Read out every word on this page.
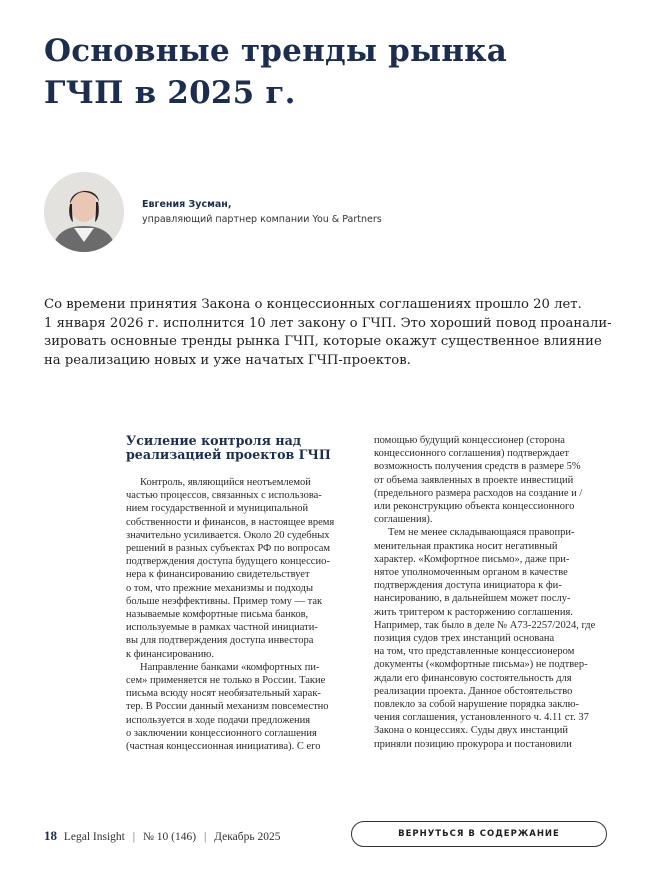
Основные тренды рынка
ГЧП в 2025 г.
Евгения Зусман,
управляющий партнер компании You & Partners
Со времени принятия Закона о концессионных соглашениях прошло 20 лет.
1 января 2026 г. исполнится 10 лет закону о ГЧП. Это хороший повод проанали-
зировать основные тренды рынка ГЧП, которые окажут существенное влияние
на реализацию новых и уже начатых ГЧП-проектов.
Усиление контроля над
реализацией проектов ГЧП
Контроль, являющийся неотъемлемой
частью процессов, связанных с использова-
нием государственной и муниципальной
собственности и финансов, в настоящее время
значительно усиливается. Около 20 судебных
решений в разных субъектах РФ по вопросам
подтверждения доступа будущего концессио-
нера к финансированию свидетельствует
о том, что прежние механизмы и подходы
больше неэффективны. Пример тому — так
называемые комфортные письма банков,
используемые в рамках частной инициати-
вы для подтверждения доступа инвестора
к финансированию.
Направление банками «комфортных пи-
сем» применяется не только в России. Такие
письма всюду носят необязательный харак-
тер. В России данный механизм повсеместно
используется в ходе подачи предложения
о заключении концессионного соглашения
(частная концессионная инициатива). С его
помощью будущий концессионер (сторона
концессионного соглашения) подтверждает
возможность получения средств в размере 5%
от объема заявленных в проекте инвестиций
(предельного размера расходов на создание и /
или реконструкцию объекта концессионного
соглашения).
Тем не менее складывающаяся правопри-
менительная практика носит негативный
характер. «Комфортное письмо», даже при-
нятое уполномоченным органом в качестве
подтверждения доступа инициатора к фи-
нансированию, в дальнейшем может послу-
жить триггером к расторжению соглашения.
Например, так было в деле № А73-2257/2024, где
позиция судов трех инстанций основана
на том, что представленные концессионером
документы («комфортные письма») не подтвер-
ждали его финансовую состоятельность для
реализации проекта. Данное обстоятельство
повлекло за собой нарушение порядка заклю-
чения соглашения, установленного ч. 4.11 ст. 37
Закона о концессиях. Суды двух инстанций
приняли позицию прокурора и постановили
18 Legal Insight | № 10 (146) | Декабрь 2025	ВЕРНУТЬСЯ В СОДЕРЖАНИЕ
